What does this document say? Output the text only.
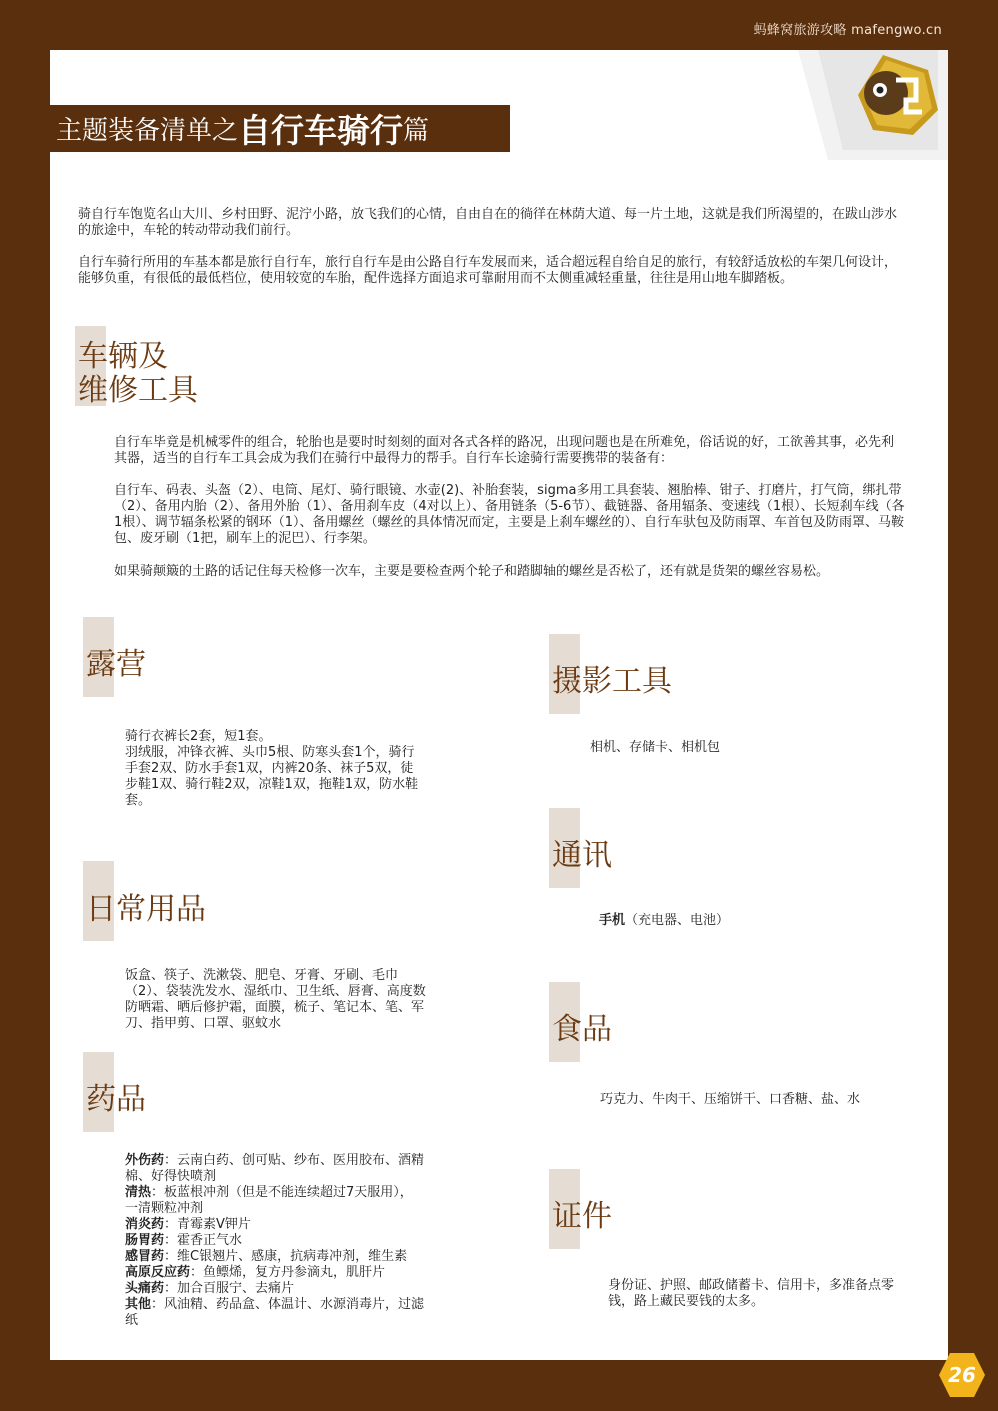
蚂蜂窝旅游攻略 mafengwo.cn
主题装备清单之 自行车骑行 篇

骑自行车饱览名山大川、乡村田野、泥泞小路，放飞我们的心情，自由自在的徜徉在林荫大道、每一片土地，这就是我们所渴望的，在跋山涉水的旅途中，车轮的转动带动我们前行。

自行车骑行所用的车基本都是旅行自行车，旅行自行车是由公路自行车发展而来，适合超远程自给自足的旅行，有较舒适放松的车架几何设计，能够负重，有很低的最低档位，使用较宽的车胎，配件选择方面追求可靠耐用而不太侧重减轻重量，往往是用山地车脚踏板。

车辆及
维修工具

自行车毕竟是机械零件的组合，轮胎也是要时时刻刻的面对各式各样的路况，出现问题也是在所难免，俗话说的好，工欲善其事，必先利其器，适当的自行车工具会成为我们在骑行中最得力的帮手。自行车长途骑行需要携带的装备有：

自行车、码表、头盔（2）、电筒、尾灯、骑行眼镜、水壶(2)、补胎套装，sigma多用工具套装、翘胎棒、钳子、打磨片，打气筒，绑扎带（2）、备用内胎（2）、备用外胎（1）、备用刹车皮（4对以上）、备用链条（5-6节）、截链器、备用辐条、变速线（1根）、长短刹车线（各1根）、调节辐条松紧的钢环（1）、备用螺丝（螺丝的具体情况而定，主要是上刹车螺丝的）、自行车驮包及防雨罩、车首包及防雨罩、马鞍包、废牙刷（1把，刷车上的泥巴）、行李架。

如果骑颠簸的土路的话记住每天检修一次车，主要是要检查两个轮子和踏脚轴的螺丝是否松了，还有就是货架的螺丝容易松。

露营

骑行衣裤长2套，短1套。

羽绒服，冲锋衣裤、头巾5根、防寒头套1个，骑行手套2双、防水手套1双，内裤20条、袜子5双，徒步鞋1双、骑行鞋2双，凉鞋1双，拖鞋1双，防水鞋套。

日常用品

饭盒、筷子、洗漱袋、肥皂、牙膏、牙刷、毛巾（2）、袋装洗发水、湿纸巾、卫生纸、唇膏、高度数防晒霜、晒后修护霜，面膜，梳子、笔记本、笔、军刀、指甲剪、口罩、驱蚊水

药品
外伤药：云南白药、创可贴、纱布、医用胶布、酒精棉、好得快喷剂
清热：板蓝根冲剂（但是不能连续超过7天服用），一清颗粒冲剂
消炎药：青霉素V钾片
肠胃药：霍香正气水
感冒药：维C银翘片、感康，抗病毒冲剂，维生素
高原反应药：鱼鳔烯，复方丹参滴丸，肌肝片
头痛药：加合百服宁、去痛片
其他：风油精、药品盒、体温计、水源消毒片，过滤纸
摄影工具

相机、存储卡、相机包

通讯

手机（充电器、电池）

食品

巧克力、牛肉干、压缩饼干、口香糖、盐、水

证件

身份证、护照、邮政储蓄卡、信用卡，多准备点零钱，路上藏民要钱的太多。

26
